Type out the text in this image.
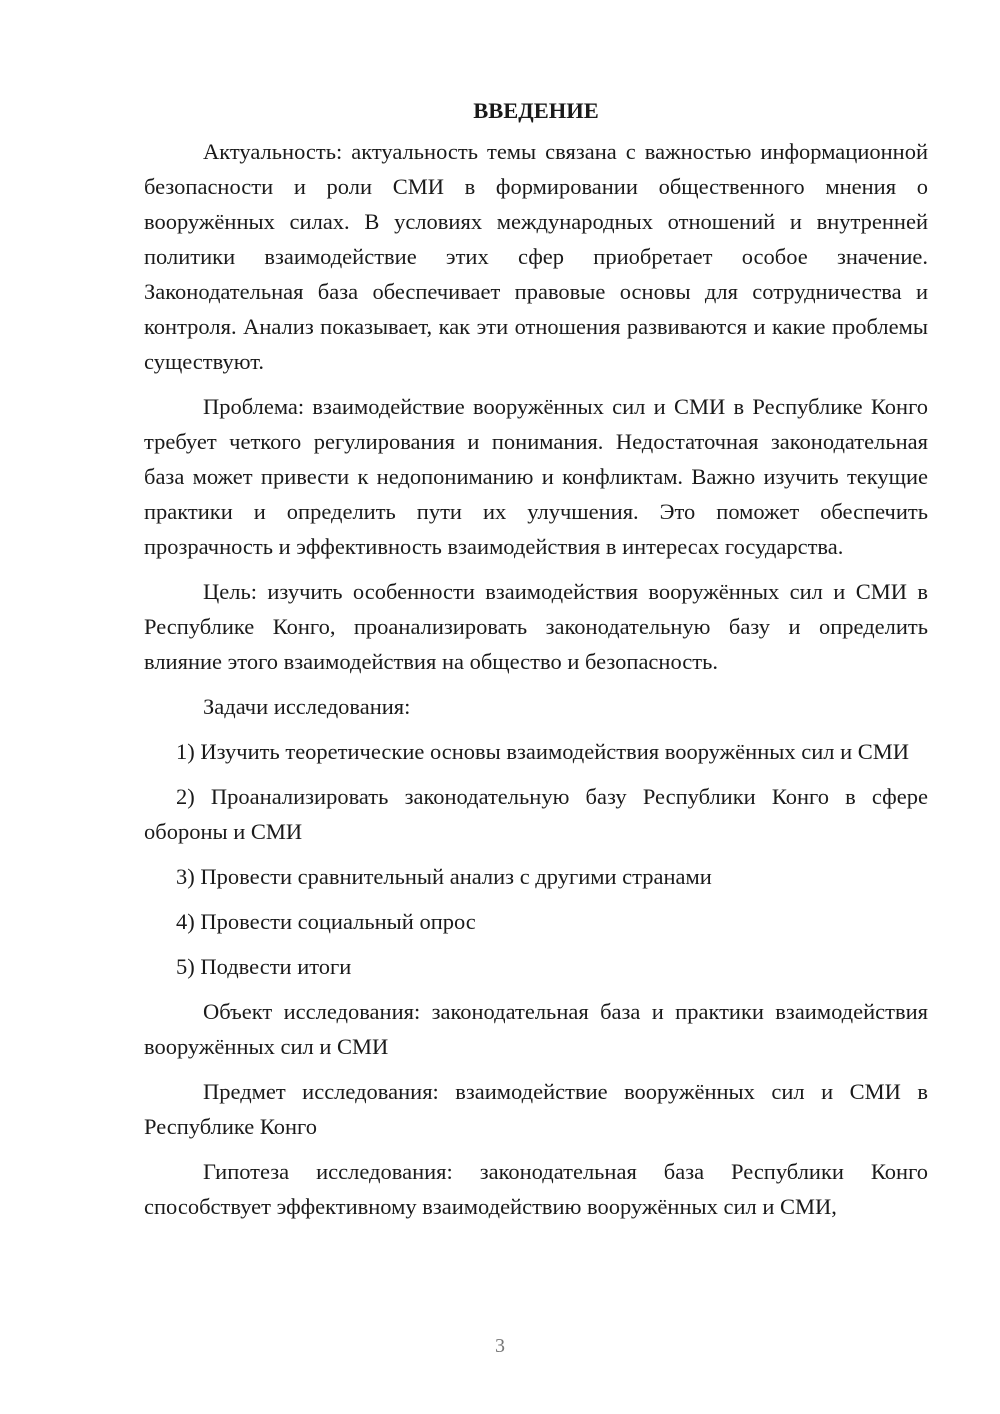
ВВЕДЕНИЕ

Актуальность: актуальность темы связана с важностью информационной безопасности и роли СМИ в формировании общественного мнения о вооружённых силах. В условиях международных отношений и внутренней политики взаимодействие этих сфер приобретает особое значение. Законодательная база обеспечивает правовые основы для сотрудничества и контроля. Анализ показывает, как эти отношения развиваются и какие проблемы существуют.

Проблема: взаимодействие вооружённых сил и СМИ в Республике Конго требует четкого регулирования и понимания. Недостаточная законодательная база может привести к недопониманию и конфликтам. Важно изучить текущие практики и определить пути их улучшения. Это поможет обеспечить прозрачность и эффективность взаимодействия в интересах государства.

Цель: изучить особенности взаимодействия вооружённых сил и СМИ в Республике Конго, проанализировать законодательную базу и определить влияние этого взаимодействия на общество и безопасность.

Задачи исследования:

1) Изучить теоретические основы взаимодействия вооружённых сил и СМИ

2) Проанализировать законодательную базу Республики Конго в сфере обороны и СМИ

3) Провести сравнительный анализ с другими странами

4) Провести социальный опрос

5) Подвести итоги

Объект исследования: законодательная база и практики взаимодействия вооружённых сил и СМИ

Предмет исследования: взаимодействие вооружённых сил и СМИ в Республике Конго

Гипотеза исследования: законодательная база Республики Конго способствует эффективному взаимодействию вооружённых сил и СМИ,

3
